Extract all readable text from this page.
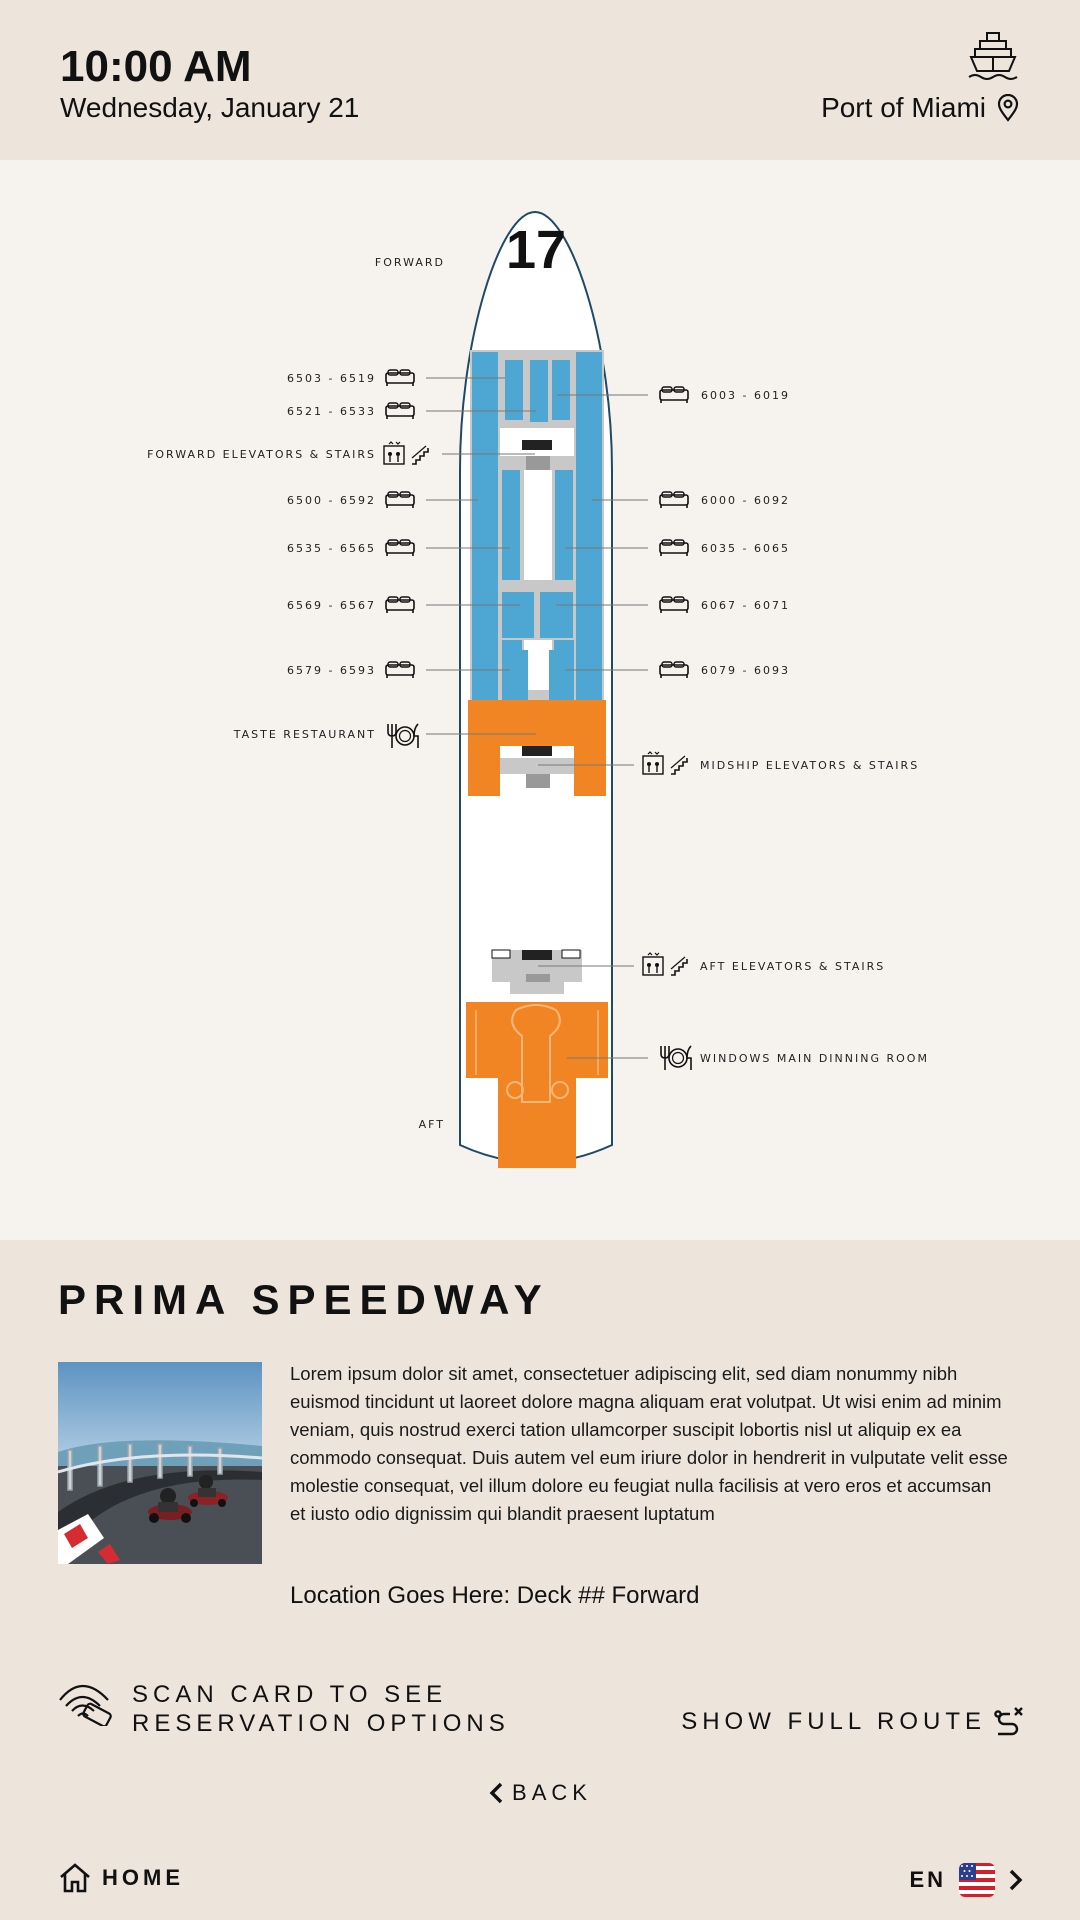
10:00 AM
Wednesday, January 21	Port of Miami
17
FORWARD
AFT
6503 - 6519
6521 - 6533
FORWARD ELEVATORS & STAIRS
6500 - 6592
6535 - 6565
6569 - 6567
6579 - 6593
TASTE RESTAURANT
6003 - 6019
6000 - 6092
6035 - 6065
6067 - 6071
6079 - 6093
MIDSHIP ELEVATORS & STAIRS
AFT ELEVATORS & STAIRS
WINDOWS MAIN DINNING ROOM
PRIMA SPEEDWAY
Lorem ipsum dolor sit amet, consectetuer adipiscing elit, sed diam nonummy nibh euismod tincidunt ut laoreet dolore magna aliquam erat volutpat. Ut wisi enim ad minim veniam, quis nostrud exerci tation ullamcorper suscipit lobortis nisl ut aliquip ex ea commodo consequat. Duis autem vel eum iriure dolor in hendrerit in vulputate velit esse molestie consequat, vel illum dolore eu feugiat nulla facilisis at vero eros et accumsan et iusto odio dignissim qui blandit praesent luptatum
Location Goes Here: Deck ## Forward
SCAN CARD TO SEE
RESERVATION OPTIONS	SHOW FULL ROUTE
BACK
HOME	EN
